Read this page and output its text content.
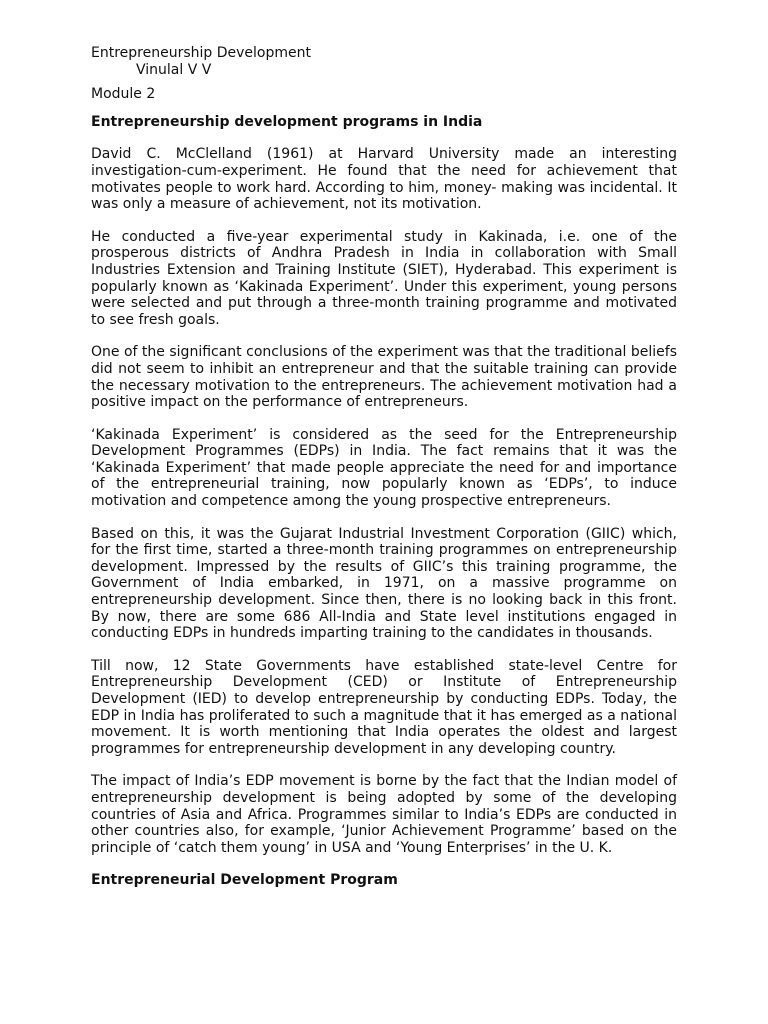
Entrepreneurship Development

Vinulal V V

Module 2

Entrepreneurship development programs in India

David C. McClelland (1961) at Harvard University made an interesting investigation-cum-experiment. He found that the need for achievement that motivates people to work hard. According to him, money- making was incidental. It was only a measure of achievement, not its motivation.

He conducted a five-year experimental study in Kakinada, i.e. one of the prosperous districts of Andhra Pradesh in India in collaboration with Small Industries Extension and Training Institute (SIET), Hyderabad. This experiment is popularly known as ‘Kakinada Experiment’. Under this experiment, young persons were selected and put through a three-month training programme and motivated to see fresh goals.

One of the significant conclusions of the experiment was that the traditional beliefs did not seem to inhibit an entrepreneur and that the suitable training can provide the necessary motivation to the entrepreneurs. The achievement motivation had a positive impact on the performance of entrepreneurs.

‘Kakinada Experiment’ is considered as the seed for the Entrepreneurship Development Programmes (EDPs) in India. The fact remains that it was the ‘Kakinada Experiment’ that made people appreciate the need for and importance of the entrepreneurial training, now popularly known as ‘EDPs’, to induce motivation and competence among the young prospective entrepreneurs.

Based on this, it was the Gujarat Industrial Investment Corporation (GIIC) which, for the first time, started a three-month training programmes on entrepreneurship development. Impressed by the results of GIIC’s this training programme, the Government of India embarked, in 1971, on a massive programme on entrepreneurship development. Since then, there is no looking back in this front. By now, there are some 686 All-India and State level institutions engaged in conducting EDPs in hundreds imparting training to the candidates in thousands.

Till now, 12 State Governments have established state-level Centre for Entrepreneurship Development (CED) or Institute of Entrepreneurship Development (IED) to develop entrepreneurship by conducting EDPs. Today, the EDP in India has proliferated to such a magnitude that it has emerged as a national movement. It is worth mentioning that India operates the oldest and largest programmes for entrepreneurship development in any developing country.

The impact of India’s EDP movement is borne by the fact that the Indian model of entrepreneurship development is being adopted by some of the developing countries of Asia and Africa. Programmes similar to India’s EDPs are conducted in other countries also, for example, ‘Junior Achievement Programme’ based on the principle of ‘catch them young’ in USA and ‘Young Enterprises’ in the U. K.

Entrepreneurial Development Program
